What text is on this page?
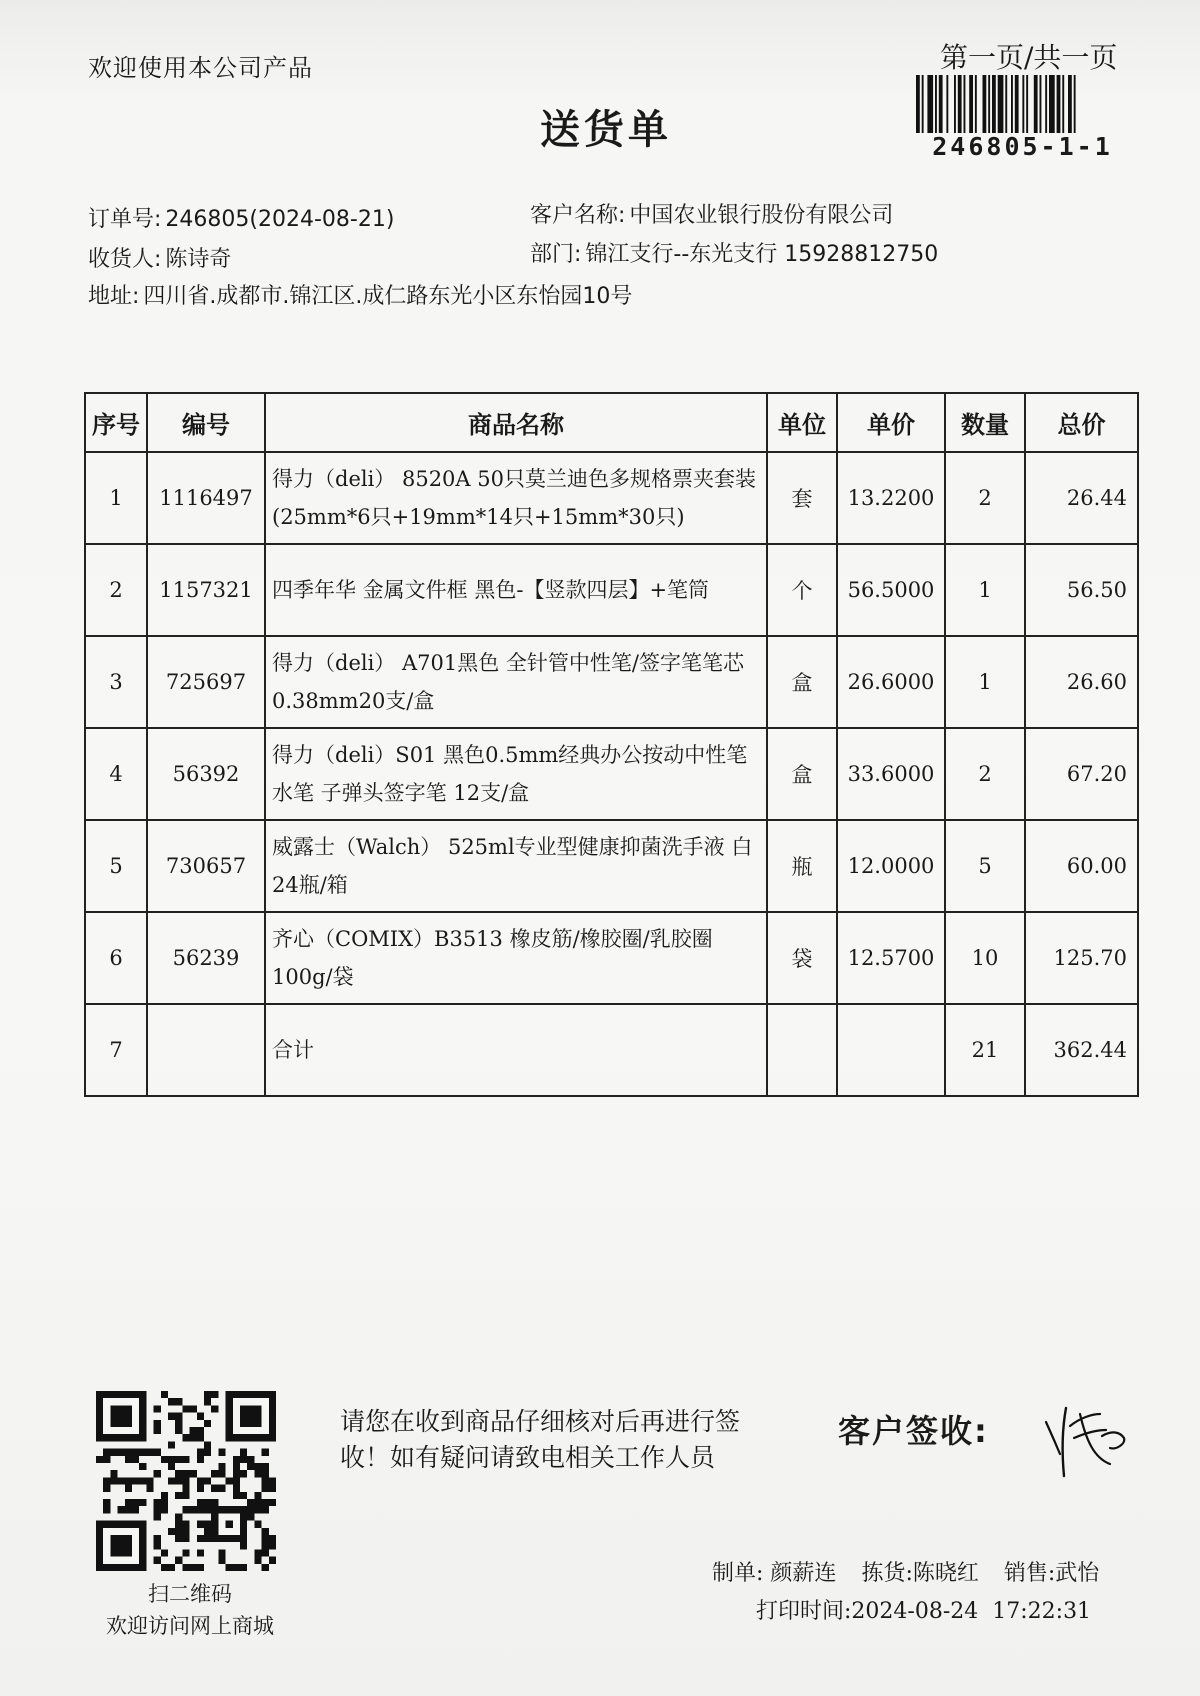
欢迎使用本公司产品
送货单
第一页/共一页
246805-1-1
订单号: 246805(2024-08-21)	客户名称: 中国农业银行股份有限公司
收货人: 陈诗奇	部门: 锦江支行--东光支行 15928812750
地址: 四川省.成都市.锦江区.成仁路东光小区东怡园10号
序号	编号	商品名称	单位	单价	数量	总价
1	1116497	得力（deli） 8520A 50只莫兰迪色多规格票夹套装(25mm*6只+19mm*14只+15mm*30只)	套	13.2200	2	26.44
2	1157321	四季年华 金属文件框 黑色-【竖款四层】+笔筒	个	56.5000	1	56.50
3	725697	得力（deli） A701黑色 全针管中性笔/签字笔笔芯0.38mm20支/盒	盒	26.6000	1	26.60
4	56392	得力（deli）S01 黑色0.5mm经典办公按动中性笔水笔 子弹头签字笔 12支/盒	盒	33.6000	2	67.20
5	730657	威露士（Walch） 525ml专业型健康抑菌洗手液 白 24瓶/箱	瓶	12.0000	5	60.00
6	56239	齐心（COMIX）B3513 橡皮筋/橡胶圈/乳胶圈100g/袋	袋	12.5700	10	125.70
7		合计			21	362.44
扫二维码
欢迎访问网上商城
请您在收到商品仔细核对后再进行签收！如有疑问请致电相关工作人员
客户签收:
制单: 颜薪连 拣货:陈晓红 销售:武怡
打印时间:2024-08-24  17:22:31
